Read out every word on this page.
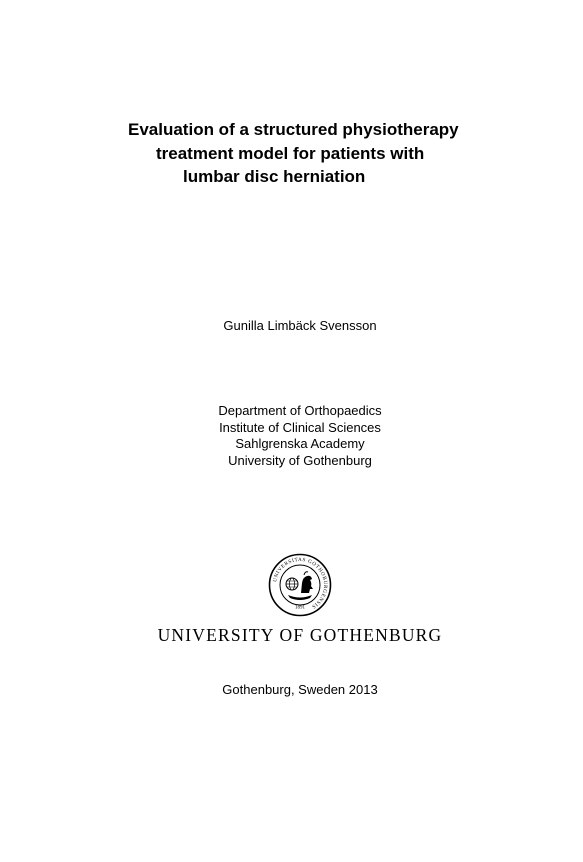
Evaluation of a structured physiotherapy
treatment model for patients with
lumbar disc herniation
Gunilla Limbäck Svensson
Department of Orthopaedics
Institute of Clinical Sciences
Sahlgrenska Academy
University of Gothenburg
UNIVERSITAS GOTHOBURGENSIS
1891
UNIVERSITY OF GOTHENBURG
Gothenburg, Sweden 2013
